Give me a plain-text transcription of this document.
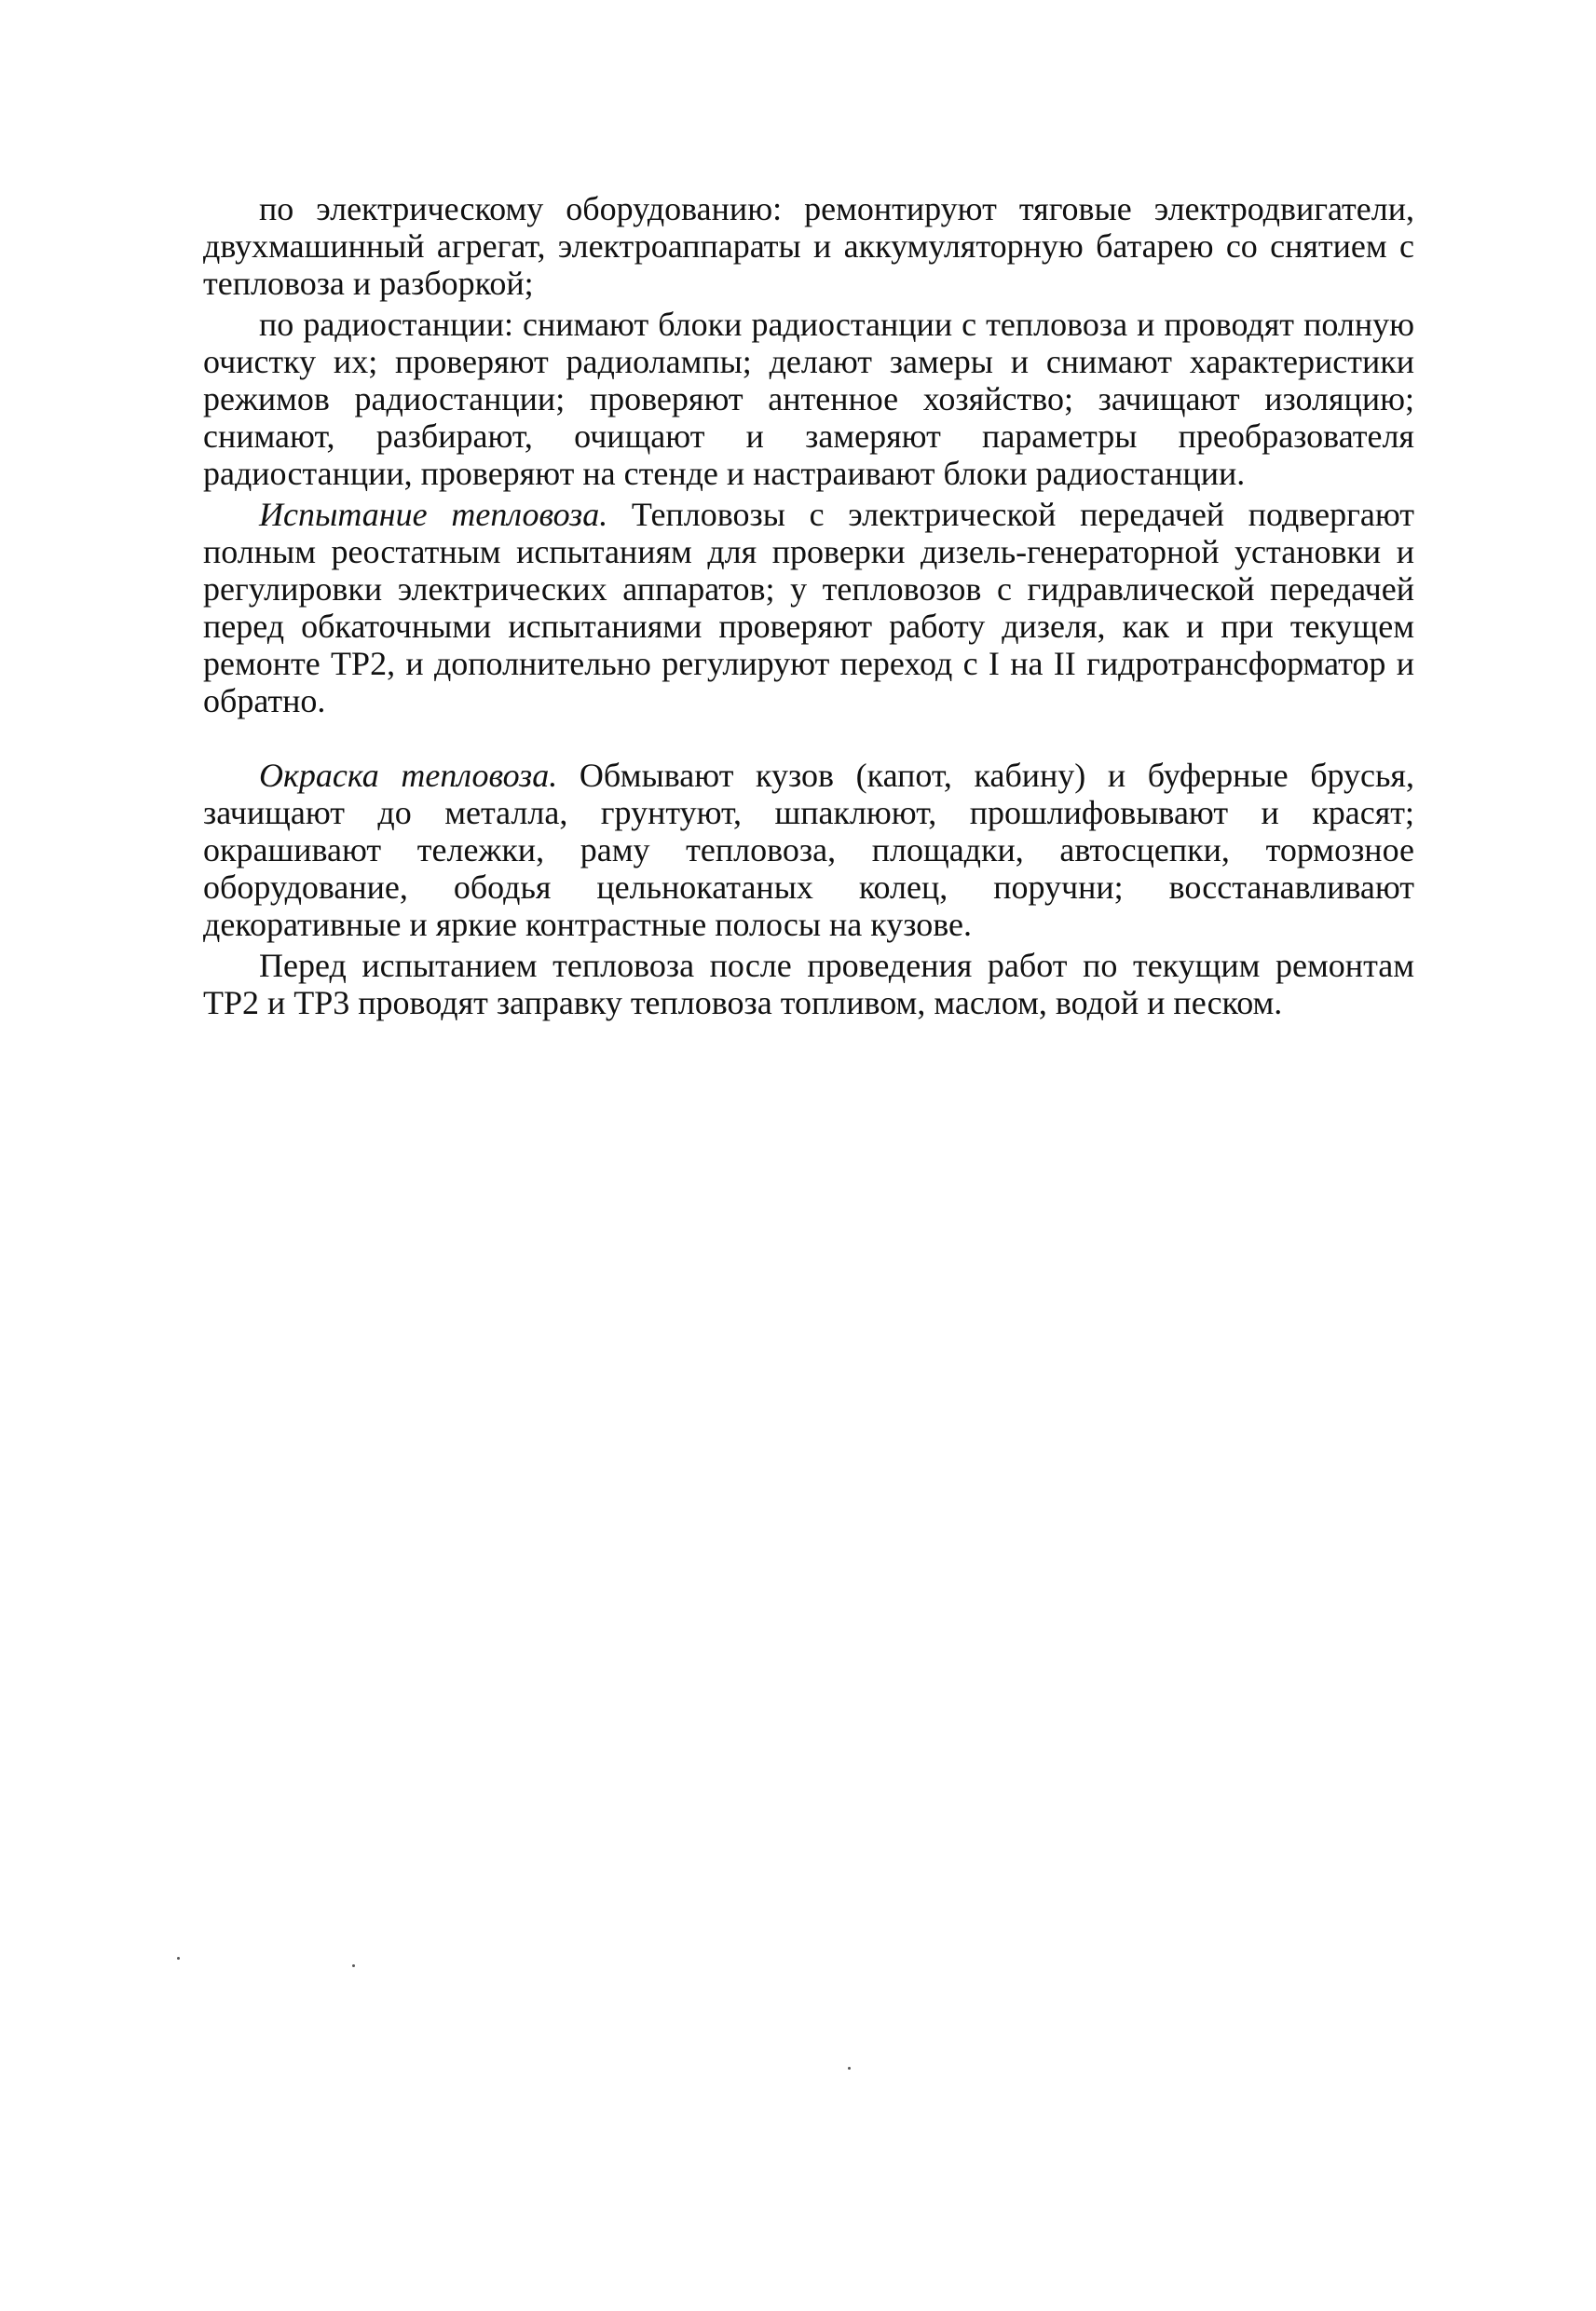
по электрическому оборудованию: ремонтируют тяговые электродвигатели, двухмашинный агрегат, электроаппараты и аккумуляторную батарею со снятием с тепловоза и разборкой;

по радиостанции: снимают блоки радиостанции с тепловоза и проводят полную очистку их; проверяют радиолампы; делают замеры и снимают характеристики режимов радиостанции; проверяют антенное хозяйство; зачищают изоляцию; снимают, разбирают, очищают и замеряют параметры преобразователя радиостанции, проверяют на стенде и настраивают блоки радиостанции.

Испытание тепловоза. Тепловозы с электрической передачей подвергают полным реостатным испытаниям для проверки дизель-генераторной установки и регулировки электрических аппаратов; у тепловозов с гидравлической передачей перед обкаточными испытаниями проверяют работу дизеля, как и при текущем ремонте ТР2, и дополнительно регулируют переход с I на II гидротрансформатор и обратно.

Окраска тепловоза. Обмывают кузов (капот, кабину) и буферные брусья, зачищают до металла, грунтуют, шпаклюют, прошлифовывают и красят; окрашивают тележки, раму тепловоза, площадки, автосцепки, тормозное оборудование, ободья цельнокатаных колец, поручни; восстанавливают декоративные и яркие контрастные полосы на кузове.

Перед испытанием тепловоза после проведения работ по текущим ремонтам ТР2 и ТР3 проводят заправку тепловоза топливом, маслом, водой и песком.
